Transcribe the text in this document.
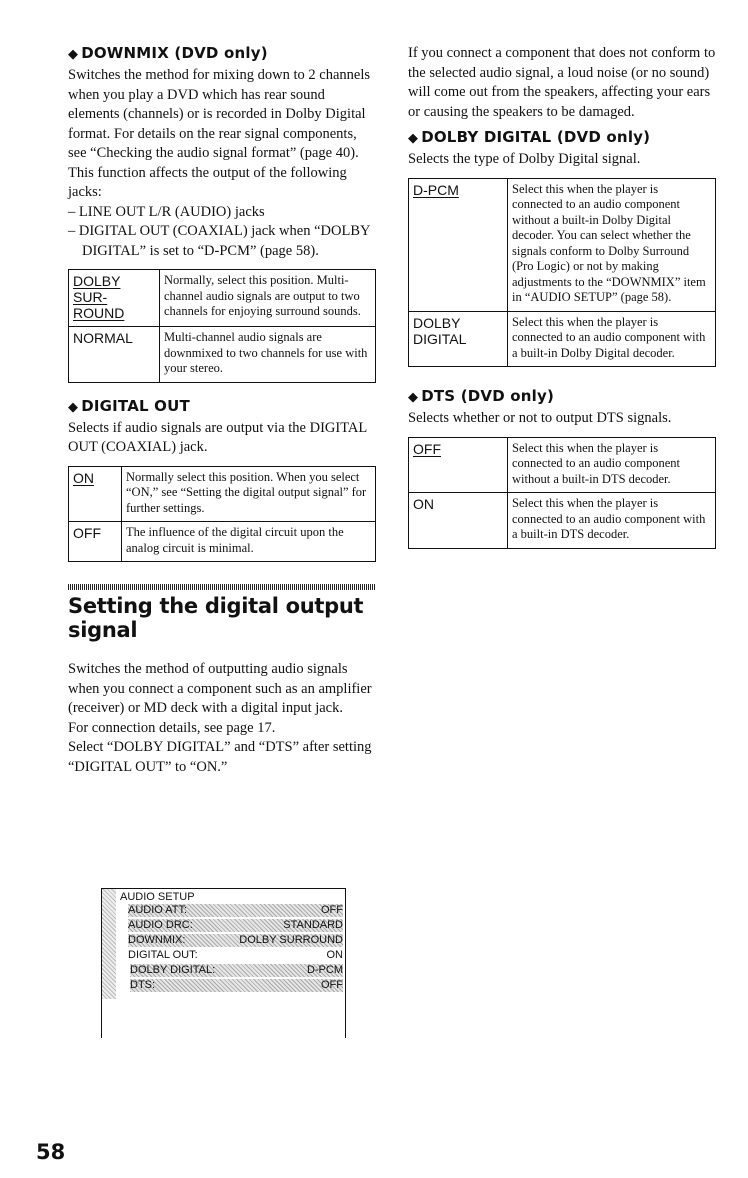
◆ DOWNMIX (DVD only)

Switches the method for mixing down to 2 channels when you play a DVD which has rear sound elements (channels) or is recorded in Dolby Digital format. For details on the rear signal components, see “Checking the audio signal format” (page 40). This function affects the output of the following jacks:

– LINE OUT L/R (AUDIO) jacks

– DIGITAL OUT (COAXIAL) jack when “DOLBY DIGITAL” is set to “D-PCM” (page 58).

DOLBY
SUR-
ROUND	Normally, select this position. Multi-channel audio signals are output to two channels for enjoying surround sounds.

NORMAL	Multi-channel audio signals are downmixed to two channels for use with your stereo.
◆ DIGITAL OUT

Selects if audio signals are output via the DIGITAL OUT (COAXIAL) jack.

ON	Normally select this position. When you select “ON,” see “Setting the digital output signal” for further settings.

OFF	The influence of the digital circuit upon the analog circuit is minimal.
Setting the digital output signal

Switches the method of outputting audio signals when you connect a component such as an amplifier (receiver) or MD deck with a digital input jack.

For connection details, see page 17.

Select “DOLBY DIGITAL” and “DTS” after setting “DIGITAL OUT” to “ON.”

AUDIO SETUP
AUDIO ATT:	OFF
AUDIO DRC:	STANDARD
DOWNMIX:	DOLBY SURROUND
DIGITAL OUT:	ON
DOLBY DIGITAL:	D-PCM
DTS:	OFF

If you connect a component that does not conform to the selected audio signal, a loud noise (or no sound) will come out from the speakers, affecting your ears or causing the speakers to be damaged.

◆ DOLBY DIGITAL (DVD only)

Selects the type of Dolby Digital signal.

D-PCM	Select this when the player is connected to an audio component without a built-in Dolby Digital decoder. You can select whether the signals conform to Dolby Surround (Pro Logic) or not by making adjustments to the “DOWNMIX” item in “AUDIO SETUP” (page 58).

DOLBY
DIGITAL	Select this when the player is connected to an audio component with a built-in Dolby Digital decoder.
◆ DTS (DVD only)

Selects whether or not to output DTS signals.

OFF	Select this when the player is connected to an audio component without a built-in DTS decoder.

ON	Select this when the player is connected to an audio component with a built-in DTS decoder.
58
